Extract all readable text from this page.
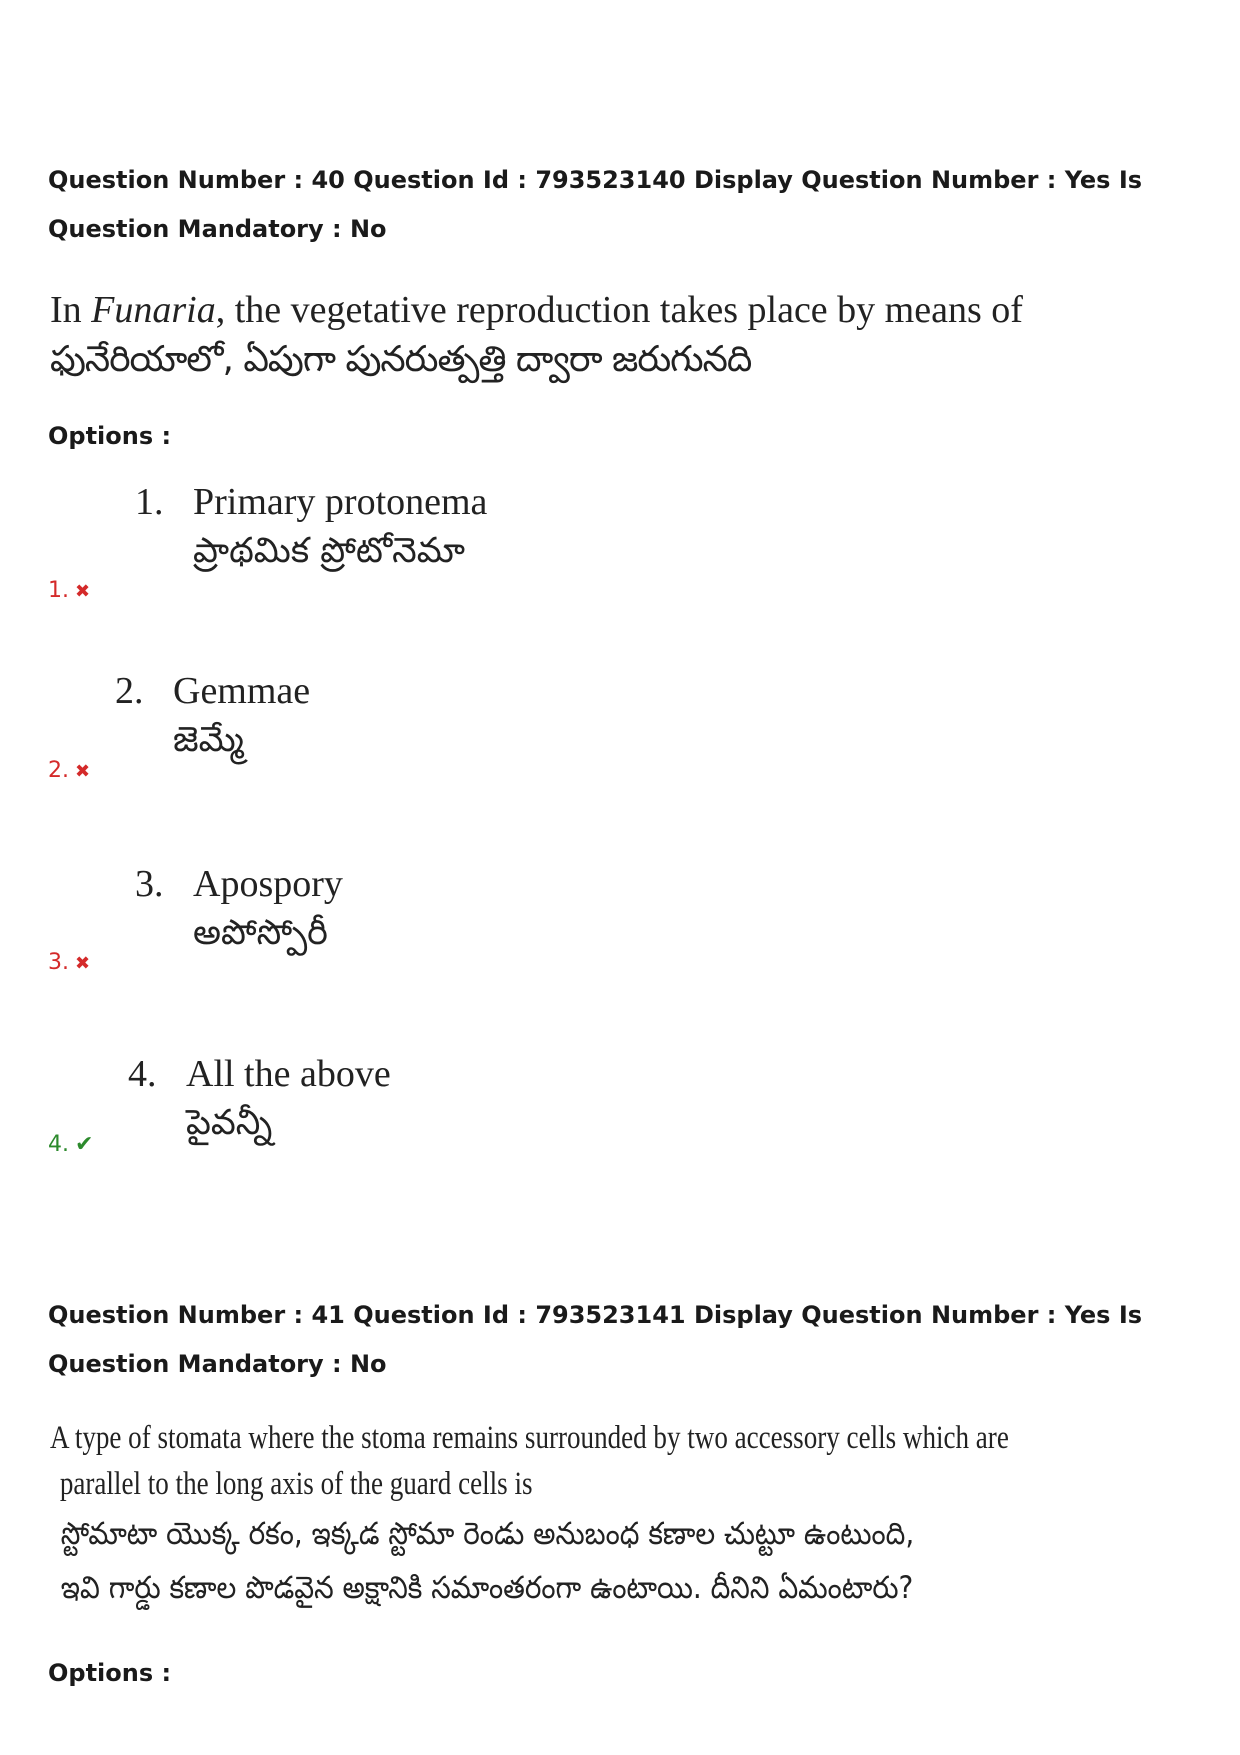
Question Number : 40 Question Id : 793523140 Display Question Number : Yes Is Question Mandatory : No
In Funaria, the vegetative reproduction takes place by means of
ఫునేరియాలో, ఏపుగా పునరుత్పత్తి ద్వారా జరుగునది
Options :
1. Primary protonema
ప్రాథమిక ప్రోటోనెమా
1. ✖
2. Gemmae
జెమ్మే
2. ✖
3. Apospory
అపోస్పోరీ
3. ✖
4. All the above
పైవన్నీ
4. ✔
Question Number : 41 Question Id : 793523141 Display Question Number : Yes Is Question Mandatory : No
A type of stomata where the stoma remains surrounded by two accessory cells which are
parallel to the long axis of the guard cells is
స్టోమాటా యొక్క రకం, ఇక్కడ స్టోమా రెండు అనుబంధ కణాల చుట్టూ ఉంటుంది,
ఇవి గార్డు కణాల పొడవైన అక్షానికి సమాంతరంగా ఉంటాయి. దీనిని ఏమంటారు?
Options :
